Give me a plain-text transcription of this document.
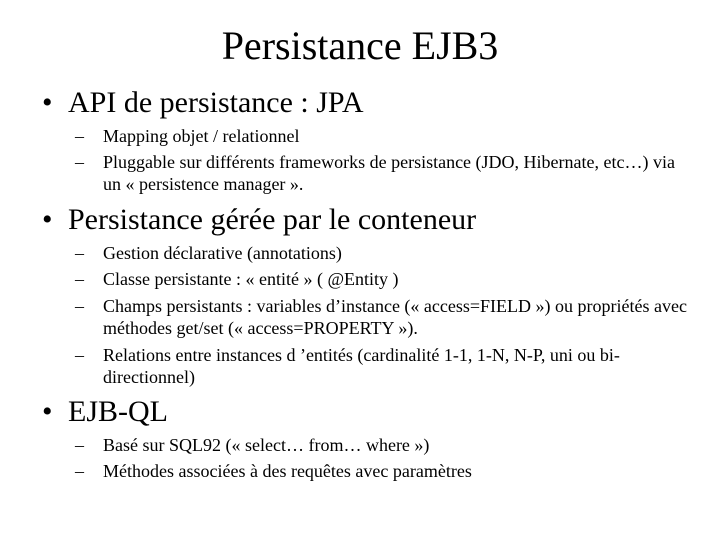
Persistance EJB3
• API de persistance : JPA
– Mapping objet / relationnel
– Pluggable sur différents frameworks de persistance (JDO, Hibernate, etc…) via un « persistence manager ».
• Persistance gérée par le conteneur
– Gestion déclarative (annotations)
– Classe persistante : « entité » ( @Entity )
– Champs persistants : variables d’instance (« access=FIELD ») ou propriétés avec méthodes get/set (« access=PROPERTY »).
– Relations entre instances d ’entités (cardinalité 1-1, 1-N, N-P, uni ou bi-directionnel)
• EJB-QL
– Basé sur SQL92 (« select… from… where »)
– Méthodes associées à des requêtes avec paramètres
